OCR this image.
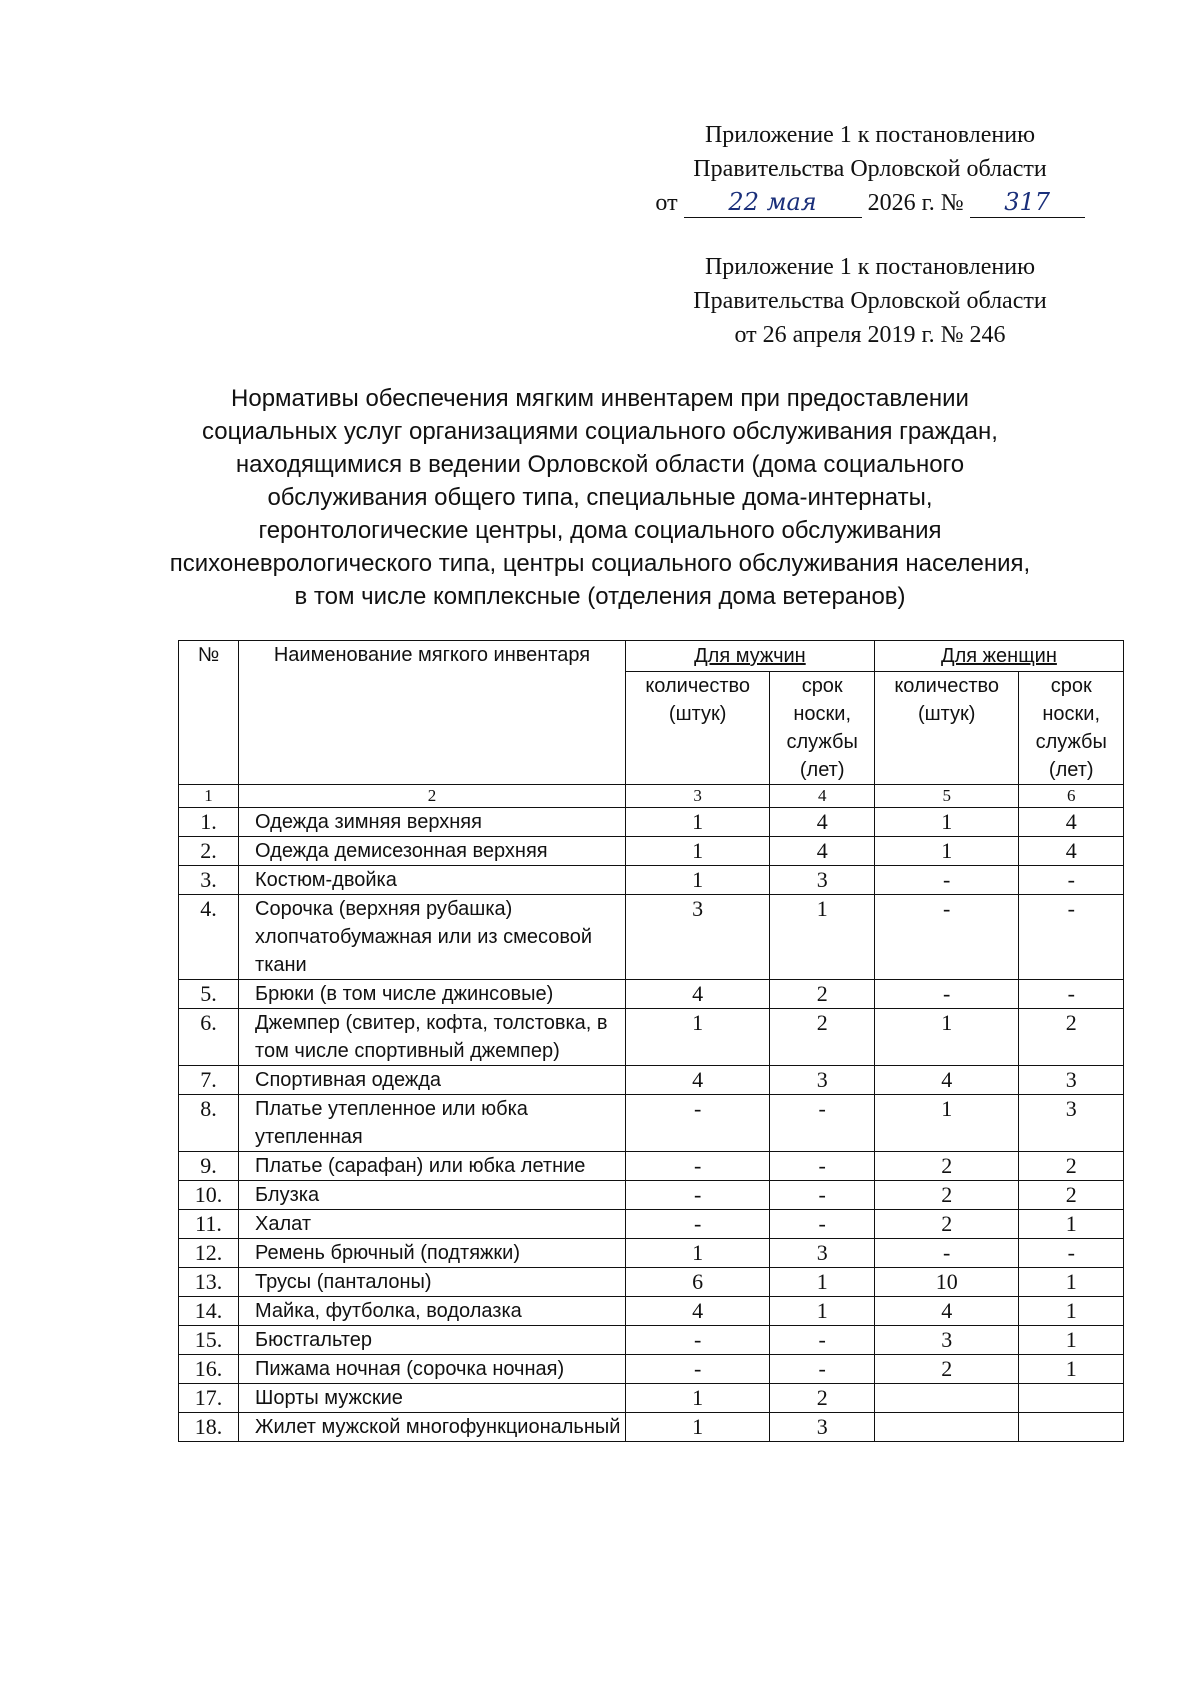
Приложение 1 к постановлению
Правительства Орловской области
от 22 мая 2026 г. № 317
Приложение 1 к постановлению
Правительства Орловской области
от 26 апреля 2019 г. № 246
Нормативы обеспечения мягким инвентарем при предоставлении
социальных услуг организациями социального обслуживания граждан,
находящимися в ведении Орловской области (дома социального
обслуживания общего типа, специальные дома-интернаты,
геронтологические центры, дома социального обслуживания
психоневрологического типа, центры социального обслуживания населения,
в том числе комплексные (отделения дома ветеранов)
№	Наименование мягкого инвентаря	Для мужчин		Для женщин	
		количество (штук)	срок носки, службы (лет)	количество (штук)	срок носки, службы (лет)
1	2	3	4	5	6
1.	Одежда зимняя верхняя	1	4	1	4
2.	Одежда демисезонная верхняя	1	4	1	4
3.	Костюм-двойка	1	3	-	-
4.	Сорочка (верхняя рубашка) хлопчатобумажная или из смесовой ткани	3	1	-	-
5.	Брюки (в том числе джинсовые)	4	2	-	-
6.	Джемпер (свитер, кофта, толстовка, в том числе спортивный джемпер)	1	2	1	2
7.	Спортивная одежда	4	3	4	3
8.	Платье утепленное или юбка утепленная	-	-	1	3
9.	Платье (сарафан) или юбка летние	-	-	2	2
10.	Блузка	-	-	2	2
11.	Халат	-	-	2	1
12.	Ремень брючный (подтяжки)	1	3	-	-
13.	Трусы (панталоны)	6	1	10	1
14.	Майка, футболка, водолазка	4	1	4	1
15.	Бюстгальтер	-	-	3	1
16.	Пижама ночная (сорочка ночная)	-	-	2	1
17.	Шорты мужские	1	2		
18.	Жилет мужской многофункциональный	1	3		
